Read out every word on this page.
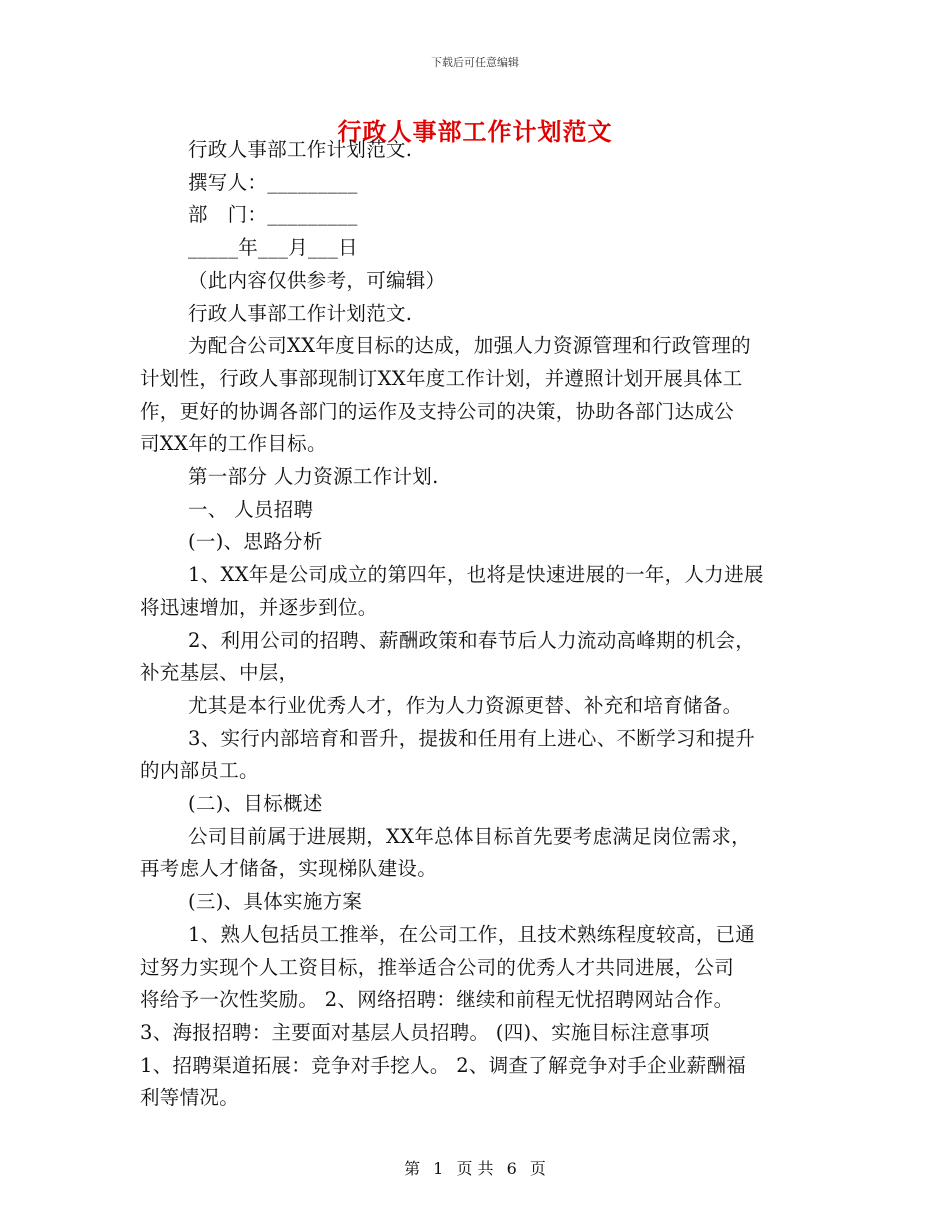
下载后可任意编辑
行政人事部工作计划范文
行政人事部工作计划范文.
撰写人：_________
部　门：_________
_____年___月___日
（此内容仅供参考，可编辑）
行政人事部工作计划范文.
为配合公司XX年度目标的达成，加强人力资源管理和行政管理的
计划性，行政人事部现制订XX年度工作计划，并遵照计划开展具体工
作，更好的协调各部门的运作及支持公司的决策，协助各部门达成公
司XX年的工作目标。
第一部分 人力资源工作计划.
一、 人员招聘
(一)、思路分析
1、XX年是公司成立的第四年，也将是快速进展的一年，人力进展
将迅速增加，并逐步到位。
2、利用公司的招聘、薪酬政策和春节后人力流动高峰期的机会，
补充基层、中层，
尤其是本行业优秀人才，作为人力资源更替、补充和培育储备。
3、实行内部培育和晋升，提拔和任用有上进心、不断学习和提升
的内部员工。
(二)、目标概述
公司目前属于进展期，XX年总体目标首先要考虑满足岗位需求，
再考虑人才储备，实现梯队建设。
(三)、具体实施方案
1、熟人包括员工推举，在公司工作，且技术熟练程度较高，已通
过努力实现个人工资目标，推举适合公司的优秀人才共同进展，公司
将给予一次性奖励。 2、网络招聘：继续和前程无忧招聘网站合作。
3、海报招聘：主要面对基层人员招聘。 (四)、实施目标注意事项
1、招聘渠道拓展：竞争对手挖人。 2、调查了解竞争对手企业薪酬福
利等情况。
第 1 页 共 6 页
